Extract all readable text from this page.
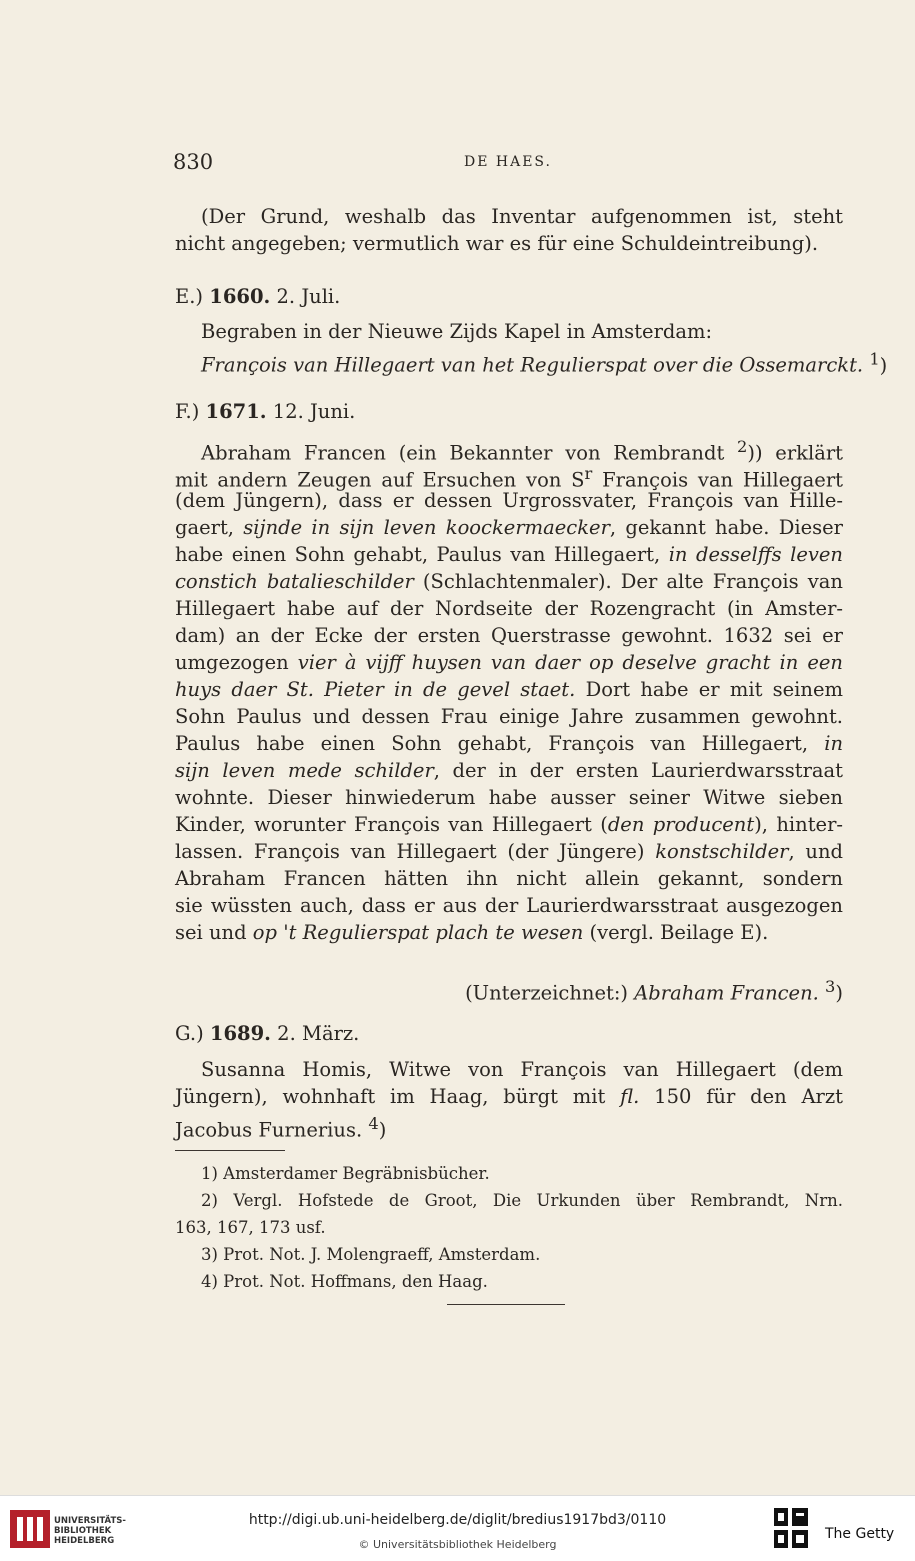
830	DE HAES.
(Der Grund, weshalb das Inventar aufgenommen ist, steht
nicht angegeben; vermutlich war es für eine Schuldeintreibung).
E.) 1660. 2. Juli.
Begraben in der Nieuwe Zijds Kapel in Amsterdam:
François van Hillegaert van het Regulierspat over die Ossemarckt. $^1$)
F.) 1671. 12. Juni.
Abraham Francen (ein Bekannter von Rembrandt $^2$)) erklärt
mit andern Zeugen auf Ersuchen von $S^r$ François van Hillegaert
(dem Jüngern), dass er dessen Urgrossvater, François van Hille-
gaert, sijnde in sijn leven koockermaecker, gekannt habe. Dieser
habe einen Sohn gehabt, Paulus van Hillegaert, in desselffs leven
constich batalieschilder (Schlachtenmaler). Der alte François van
Hillegaert habe auf der Nordseite der Rozengracht (in Amster-
dam) an der Ecke der ersten Querstrasse gewohnt. 1632 sei er
umgezogen vier à vijff huysen van daer op deselve gracht in een
huys daer St. Pieter in de gevel staet. Dort habe er mit seinem
Sohn Paulus und dessen Frau einige Jahre zusammen gewohnt.
Paulus habe einen Sohn gehabt, François van Hillegaert, in
sijn leven mede schilder, der in der ersten Laurierdwarsstraat
wohnte. Dieser hinwiederum habe ausser seiner Witwe sieben
Kinder, worunter François van Hillegaert (den producent), hinter-
lassen. François van Hillegaert (der Jüngere) konstschilder, und
Abraham Francen hätten ihn nicht allein gekannt, sondern
sie wüssten auch, dass er aus der Laurierdwarsstraat ausgezogen
sei und op 't Regulierspat plach te wesen (vergl. Beilage E).
(Unterzeichnet:) Abraham Francen. $^3$)
G.) 1689. 2. März.
Susanna Homis, Witwe von François van Hillegaert (dem
Jüngern), wohnhaft im Haag, bürgt mit fl. 150 für den Arzt
Jacobus Furnerius. $^4$)
1) Amsterdamer Begräbnisbücher.
2) Vergl. Hofstede de Groot, Die Urkunden über Rembrandt, Nrn.
163, 167, 173 usf.
3) Prot. Not. J. Molengraeff, Amsterdam.
4) Prot. Not. Hoffmans, den Haag.
UNIVERSITÄTS-
BIBLIOTHEK
HEIDELBERG
http://digi.ub.uni-heidelberg.de/diglit/bredius1917bd3/0110
© Universitätsbibliothek Heidelberg
The Getty
